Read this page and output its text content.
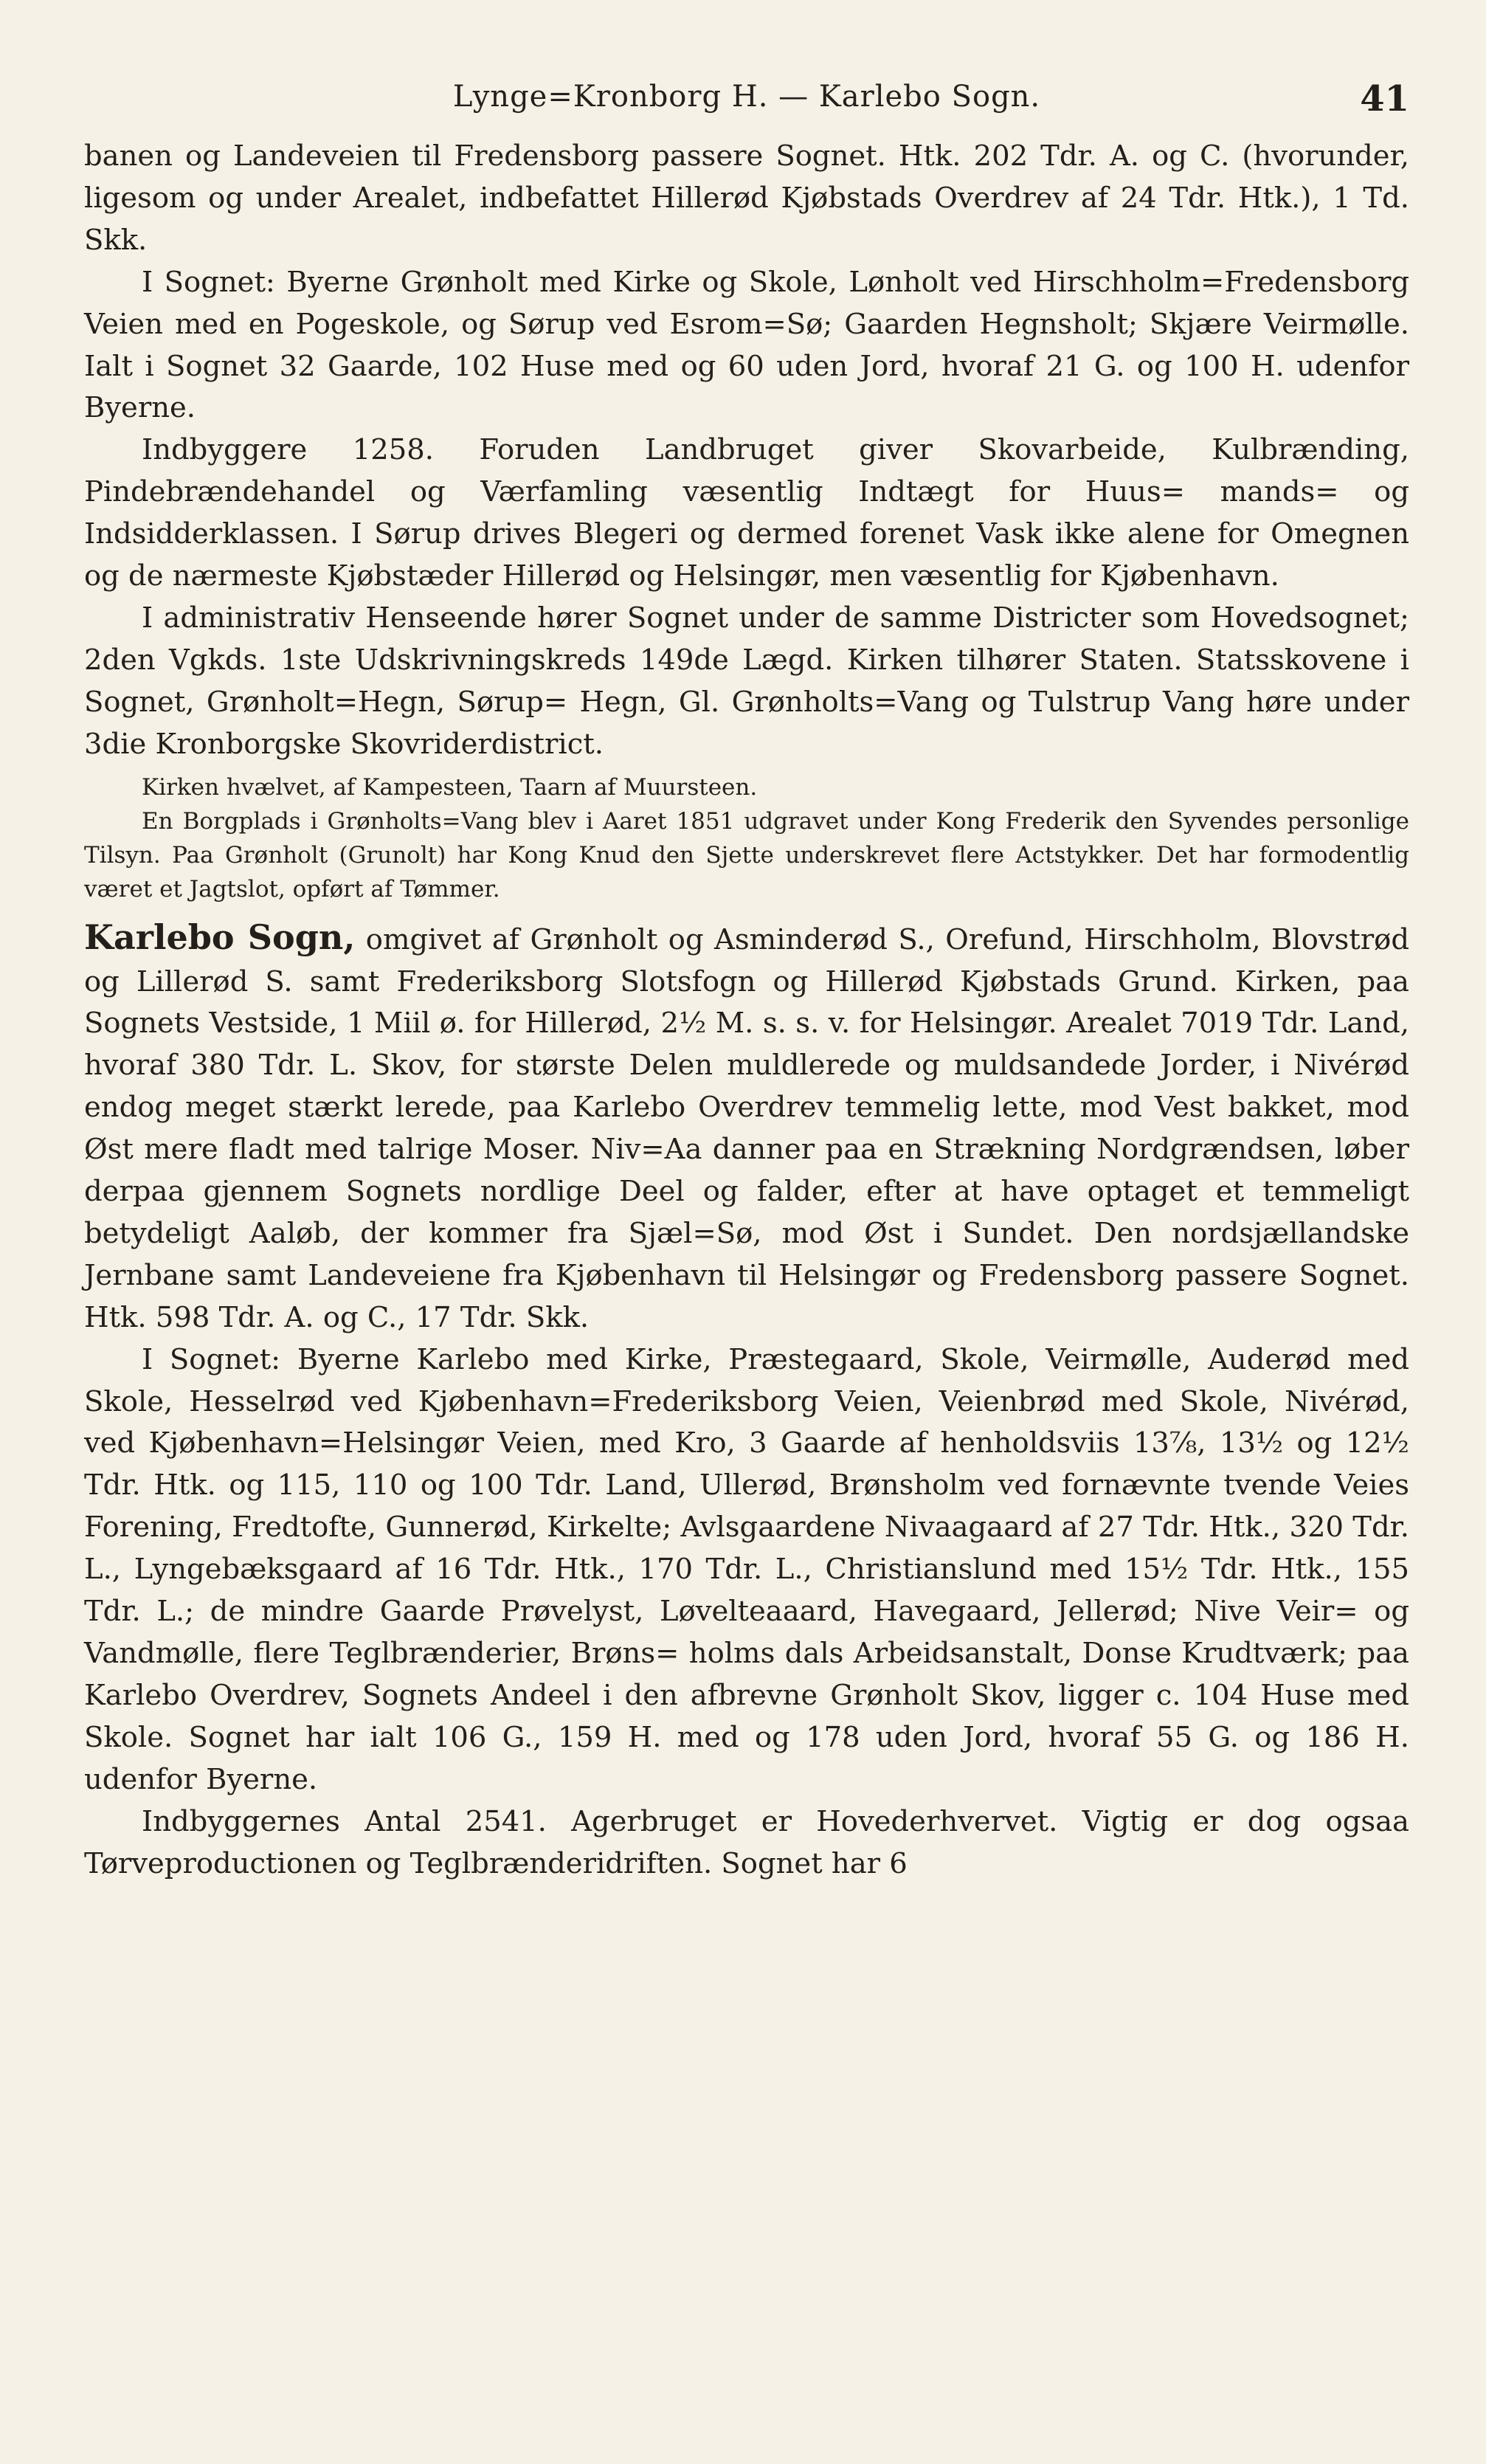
Lynge=Kronborg H. — Karlebo Sogn.	41

banen og Landeveien til Fredensborg passere Sognet. Htk. 202 Tdr. A. og C. (hvorunder, ligesom og under Arealet, indbefattet Hillerød Kjøbstads Overdrev af 24 Tdr. Htk.), 1 Td. Skk.

I Sognet: Byerne Grønholt med Kirke og Skole, Lønholt ved Hirschholm=Fredensborg Veien med en Pogeskole, og Sørup ved Esrom=Sø; Gaarden Hegnsholt; Skjære Veirmølle. Ialt i Sognet 32 Gaarde, 102 Huse med og 60 uden Jord, hvoraf 21 G. og 100 H. udenfor Byerne.

Indbyggere 1258. Foruden Landbruget giver Skovarbeide, Kulbrænding, Pindebrændehandel og Værfamling væsentlig Indtægt for Huus= mands= og Indsidderklassen. I Sørup drives Blegeri og dermed forenet Vask ikke alene for Omegnen og de nærmeste Kjøbstæder Hillerød og Helsingør, men væsentlig for Kjøbenhavn.

I administrativ Henseende hører Sognet under de samme Districter som Hovedsognet; 2den Vgkds. 1ste Udskrivningskreds 149de Lægd. Kirken tilhører Staten. Statsskovene i Sognet, Grønholt=Hegn, Sørup= Hegn, Gl. Grønholts=Vang og Tulstrup Vang høre under 3die Kronborgske Skovriderdistrict.

Kirken hvælvet, af Kampesteen, Taarn af Muursteen.

En Borgplads i Grønholts=Vang blev i Aaret 1851 udgravet under Kong Frederik den Syvendes personlige Tilsyn. Paa Grønholt (Grunolt) har Kong Knud den Sjette underskrevet flere Actstykker. Det har formodentlig været et Jagtslot, opført af Tømmer.

Karlebo Sogn, omgivet af Grønholt og Asminderød S., Orefund, Hirschholm, Blovstrød og Lillerød S. samt Frederiksborg Slotsfogn og Hillerød Kjøbstads Grund. Kirken, paa Sognets Vestside, 1 Miil ø. for Hillerød, 2½ M. s. s. v. for Helsingør. Arealet 7019 Tdr. Land, hvoraf 380 Tdr. L. Skov, for største Delen muldlerede og muldsandede Jorder, i Nivérød endog meget stærkt lerede, paa Karlebo Overdrev temmelig lette, mod Vest bakket, mod Øst mere fladt med talrige Moser. Niv=Aa danner paa en Strækning Nordgrændsen, løber derpaa gjennem Sognets nordlige Deel og falder, efter at have optaget et temmeligt betydeligt Aaløb, der kommer fra Sjæl=Sø, mod Øst i Sundet. Den nordsjællandske Jernbane samt Landeveiene fra Kjøbenhavn til Helsingør og Fredensborg passere Sognet. Htk. 598 Tdr. A. og C., 17 Tdr. Skk.

I Sognet: Byerne Karlebo med Kirke, Præstegaard, Skole, Veirmølle, Auderød med Skole, Hesselrød ved Kjøbenhavn=Frederiksborg Veien, Veienbrød med Skole, Nivérød, ved Kjøbenhavn=Helsingør Veien, med Kro, 3 Gaarde af henholdsviis 13⅞, 13½ og 12½ Tdr. Htk. og 115, 110 og 100 Tdr. Land, Ullerød, Brønsholm ved fornævnte tvende Veies Forening, Fredtofte, Gunnerød, Kirkelte; Avlsgaardene Nivaagaard af 27 Tdr. Htk., 320 Tdr. L., Lyngebæksgaard af 16 Tdr. Htk., 170 Tdr. L., Christianslund med 15½ Tdr. Htk., 155 Tdr. L.; de mindre Gaarde Prøvelyst, Løvelteaaard, Havegaard, Jellerød; Nive Veir= og Vandmølle, flere Teglbrænderier, Brøns= holms dals Arbeidsanstalt, Donse Krudtværk; paa Karlebo Overdrev, Sognets Andeel i den afbrevne Grønholt Skov, ligger c. 104 Huse med Skole. Sognet har ialt 106 G., 159 H. med og 178 uden Jord, hvoraf 55 G. og 186 H. udenfor Byerne.

Indbyggernes Antal 2541. Agerbruget er Hovederhvervet. Vigtig er dog ogsaa Tørveproductionen og Teglbrænderidriften. Sognet har 6
